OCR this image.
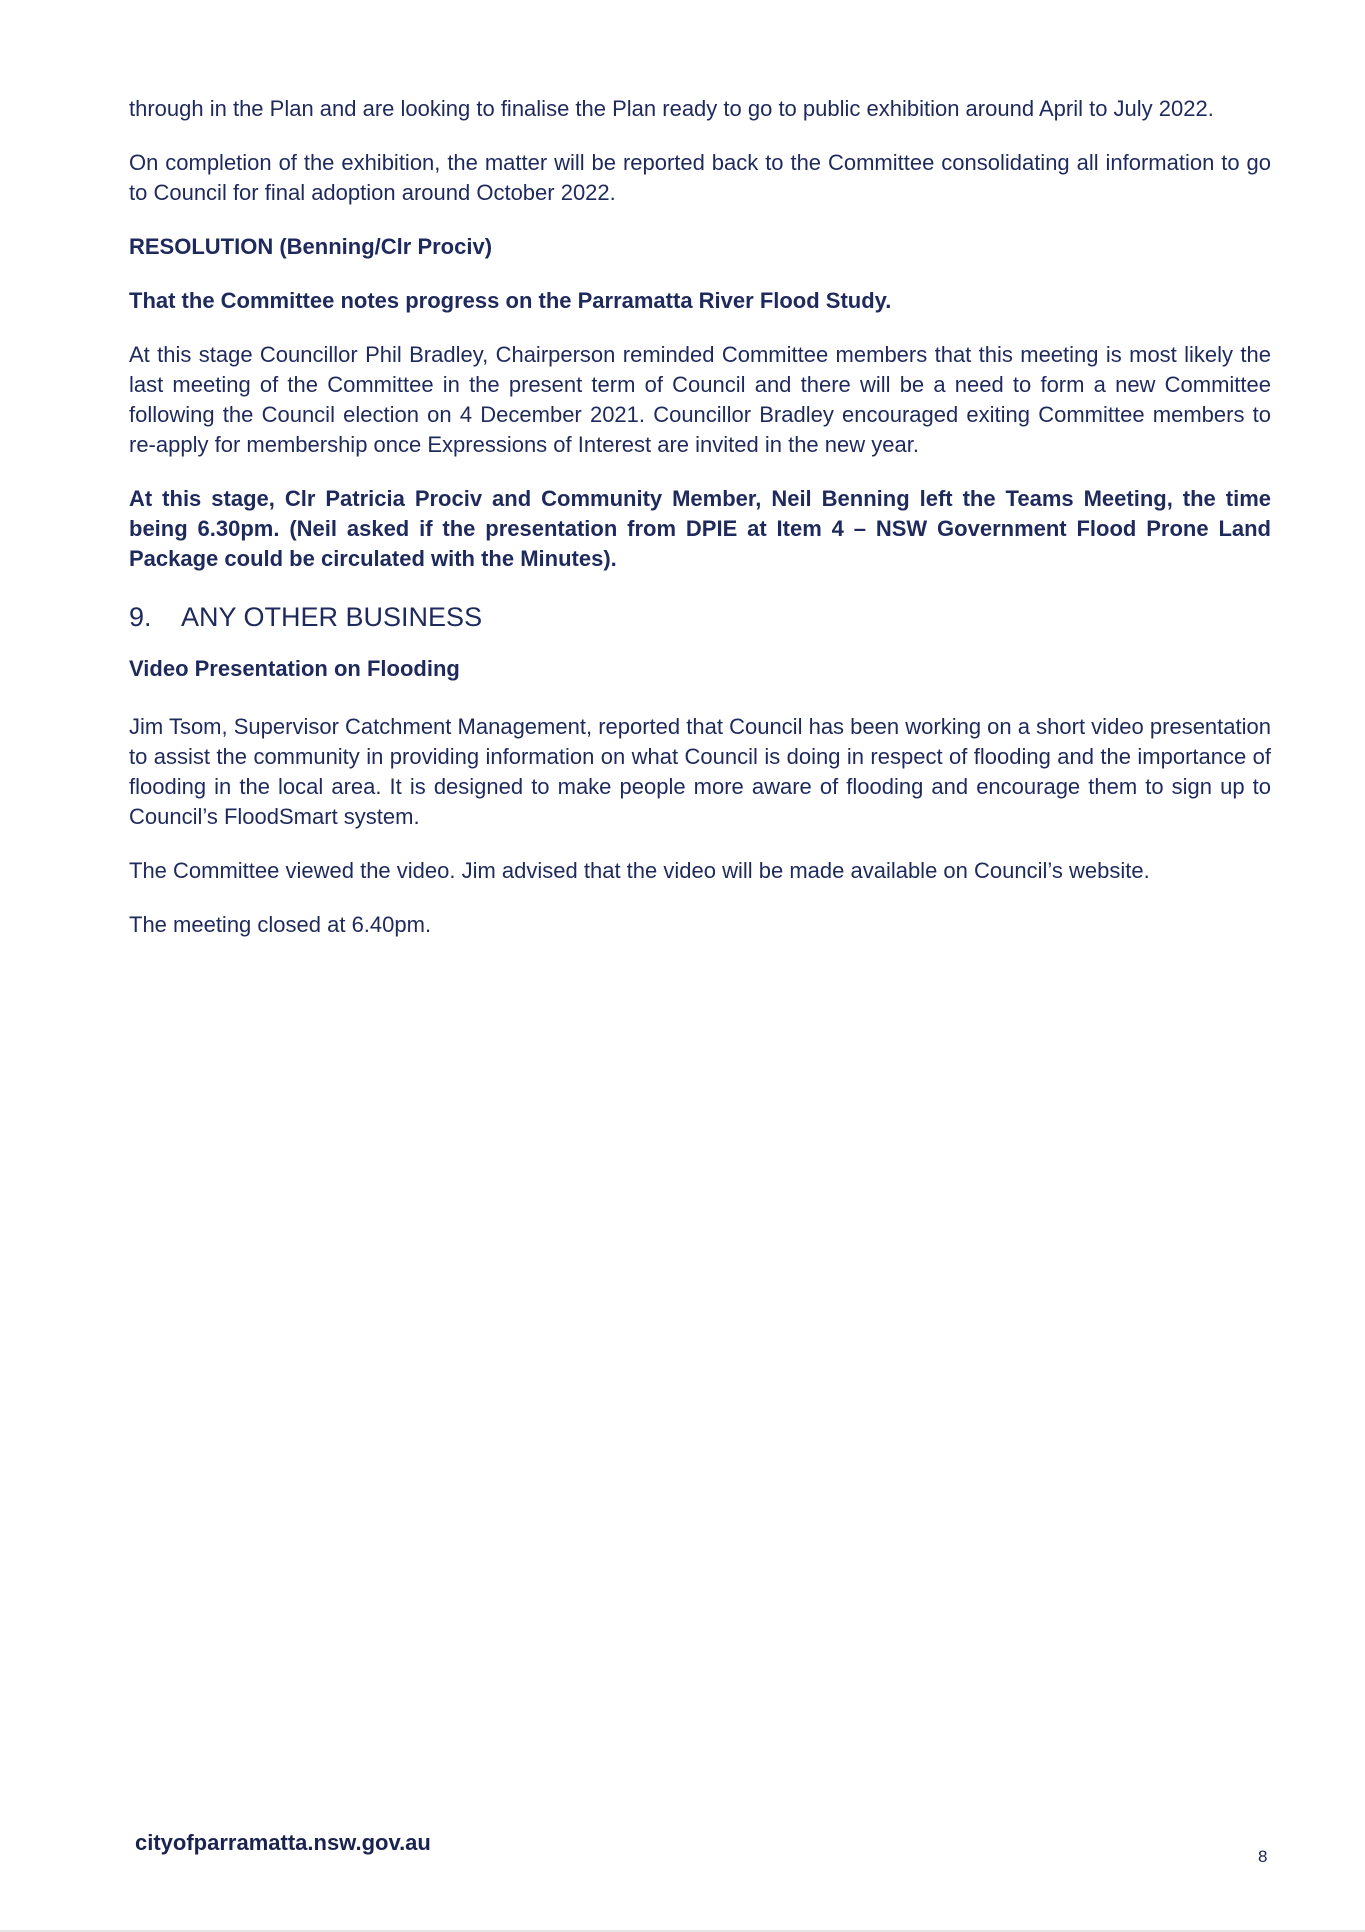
through in the Plan and are looking to finalise the Plan ready to go to public exhibition around April to July 2022.

On completion of the exhibition, the matter will be reported back to the Committee consolidating all information to go to Council for final adoption around October 2022.

RESOLUTION (Benning/Clr Prociv)

That the Committee notes progress on the Parramatta River Flood Study.

At this stage Councillor Phil Bradley, Chairperson reminded Committee members that this meeting is most likely the last meeting of the Committee in the present term of Council and there will be a need to form a new Committee following the Council election on 4 December 2021. Councillor Bradley encouraged exiting Committee members to re-apply for membership once Expressions of Interest are invited in the new year.

At this stage, Clr Patricia Prociv and Community Member, Neil Benning left the Teams Meeting, the time being 6.30pm. (Neil asked if the presentation from DPIE at Item 4 – NSW Government Flood Prone Land Package could be circulated with the Minutes).

9.	ANY OTHER BUSINESS

Video Presentation on Flooding

Jim Tsom, Supervisor Catchment Management, reported that Council has been working on a short video presentation to assist the community in providing information on what Council is doing in respect of flooding and the importance of flooding in the local area. It is designed to make people more aware of flooding and encourage them to sign up to Council’s FloodSmart system.

The Committee viewed the video. Jim advised that the video will be made available on Council’s website.

The meeting closed at 6.40pm.

cityofparramatta.nsw.gov.au
8
